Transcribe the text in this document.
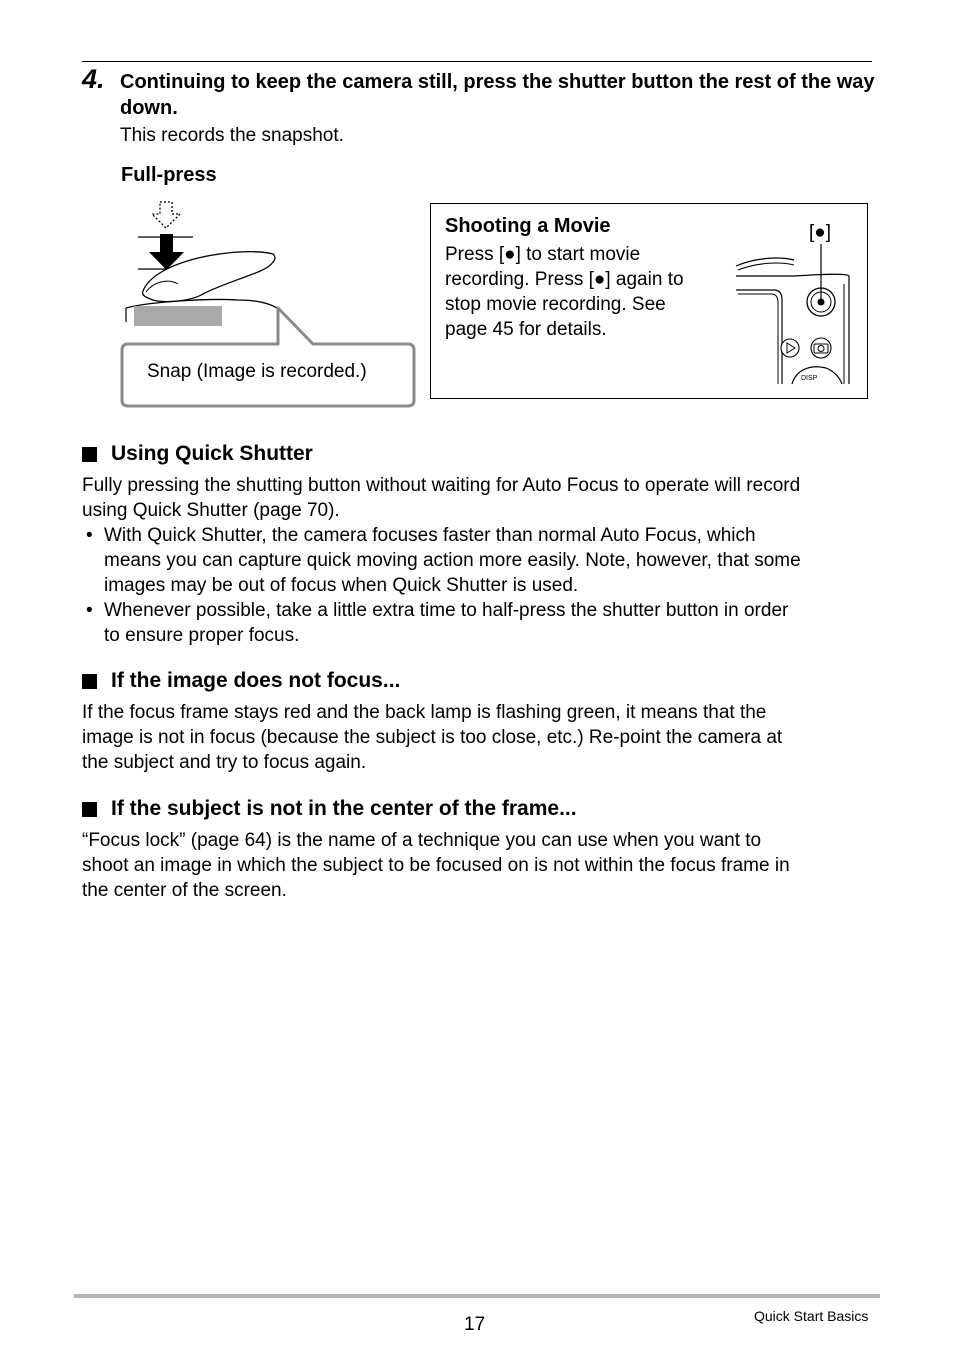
4. Continuing to keep the camera still, press the shutter button the rest of the way down.
This records the snapshot.
Full-press
Snap (Image is recorded.)
Shooting a Movie
Press [●] to start movie
recording. Press [●] again to
stop movie recording. See
page 45 for details.
DISP
[●]
Using Quick Shutter
Fully pressing the shutting button without waiting for Auto Focus to operate will record
using Quick Shutter (page 70).
• With Quick Shutter, the camera focuses faster than normal Auto Focus, which
means you can capture quick moving action more easily. Note, however, that some
images may be out of focus when Quick Shutter is used.
• Whenever possible, take a little extra time to half-press the shutter button in order
to ensure proper focus.
If the image does not focus...
If the focus frame stays red and the back lamp is flashing green, it means that the
image is not in focus (because the subject is too close, etc.) Re-point the camera at
the subject and try to focus again.
If the subject is not in the center of the frame...
“Focus lock” (page 64) is the name of a technique you can use when you want to
shoot an image in which the subject to be focused on is not within the focus frame in
the center of the screen.
17	Quick Start Basics
